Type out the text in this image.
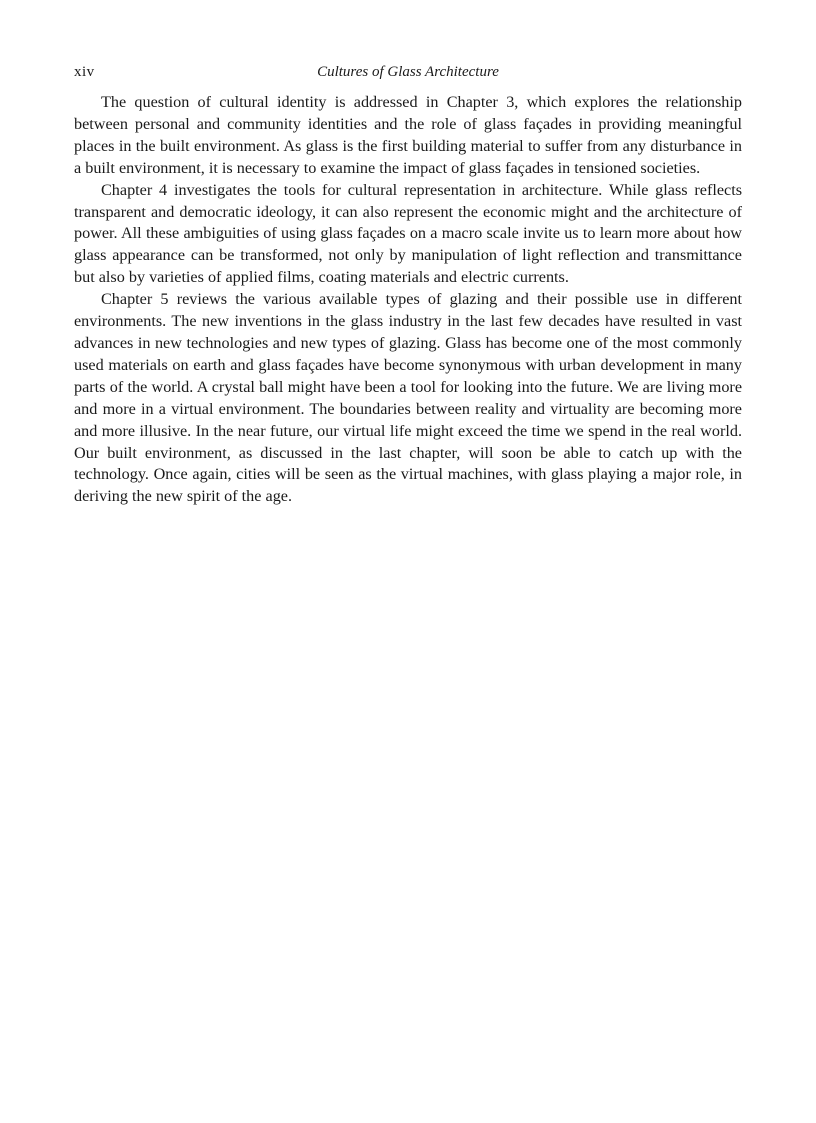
xiv	Cultures of Glass Architecture

The question of cultural identity is addressed in Chapter 3, which explores the relationship between personal and community identities and the role of glass façades in providing meaningful places in the built environment. As glass is the first building material to suffer from any disturbance in a built environment, it is necessary to examine the impact of glass façades in tensioned societies.

Chapter 4 investigates the tools for cultural representation in architecture. While glass reflects transparent and democratic ideology, it can also represent the economic might and the architecture of power. All these ambiguities of using glass façades on a macro scale invite us to learn more about how glass appearance can be transformed, not only by manipulation of light reflection and transmittance but also by varieties of applied films, coating materials and electric currents.

Chapter 5 reviews the various available types of glazing and their possible use in different environments. The new inventions in the glass industry in the last few decades have resulted in vast advances in new technologies and new types of glazing. Glass has become one of the most commonly used materials on earth and glass façades have become synonymous with urban development in many parts of the world. A crystal ball might have been a tool for looking into the future. We are living more and more in a virtual environment. The boundaries between reality and virtuality are becoming more and more illusive. In the near future, our virtual life might exceed the time we spend in the real world. Our built environment, as discussed in the last chapter, will soon be able to catch up with the technology. Once again, cities will be seen as the virtual machines, with glass playing a major role, in deriving the new spirit of the age.
